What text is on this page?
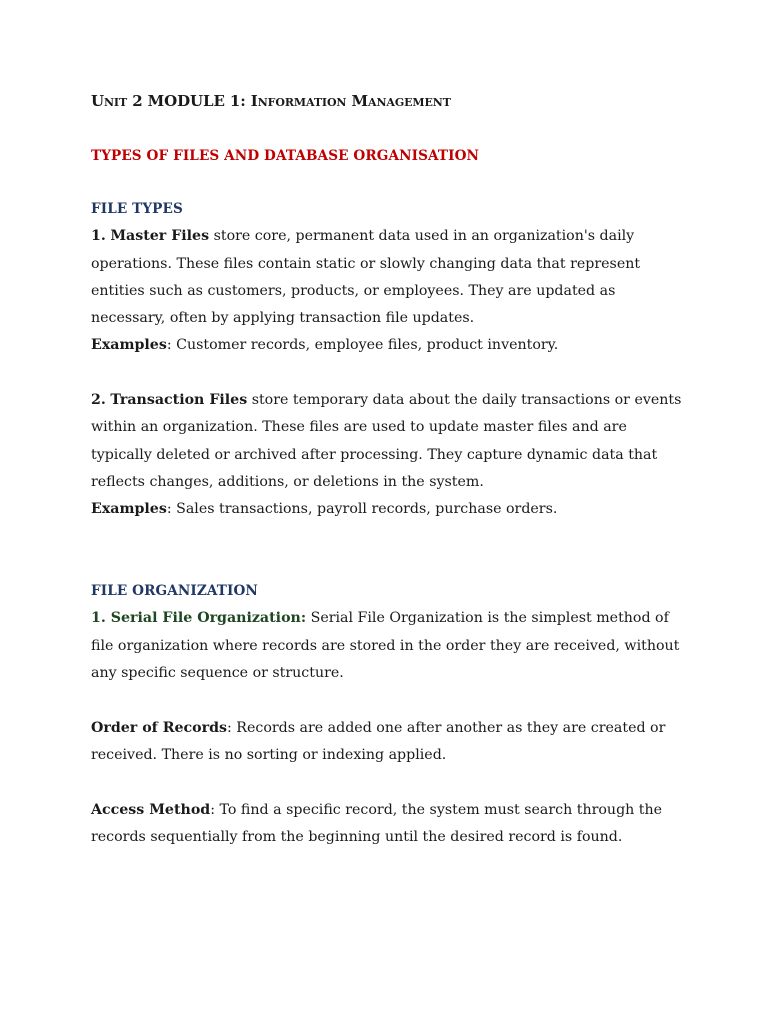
Unit 2 MODULE 1: Information Management
TYPES OF FILES AND DATABASE ORGANISATION
FILE TYPES

1. Master Files store core, permanent data used in an organization's daily operations. These files contain static or slowly changing data that represent entities such as customers, products, or employees. They are updated as necessary, often by applying transaction file updates.

Examples: Customer records, employee files, product inventory.

2. Transaction Files store temporary data about the daily transactions or events within an organization. These files are used to update master files and are typically deleted or archived after processing. They capture dynamic data that reflects changes, additions, or deletions in the system.

Examples: Sales transactions, payroll records, purchase orders.

FILE ORGANIZATION

1. Serial File Organization: Serial File Organization is the simplest method of file organization where records are stored in the order they are received, without any specific sequence or structure.

Order of Records: Records are added one after another as they are created or received. There is no sorting or indexing applied.

Access Method: To find a specific record, the system must search through the records sequentially from the beginning until the desired record is found.
